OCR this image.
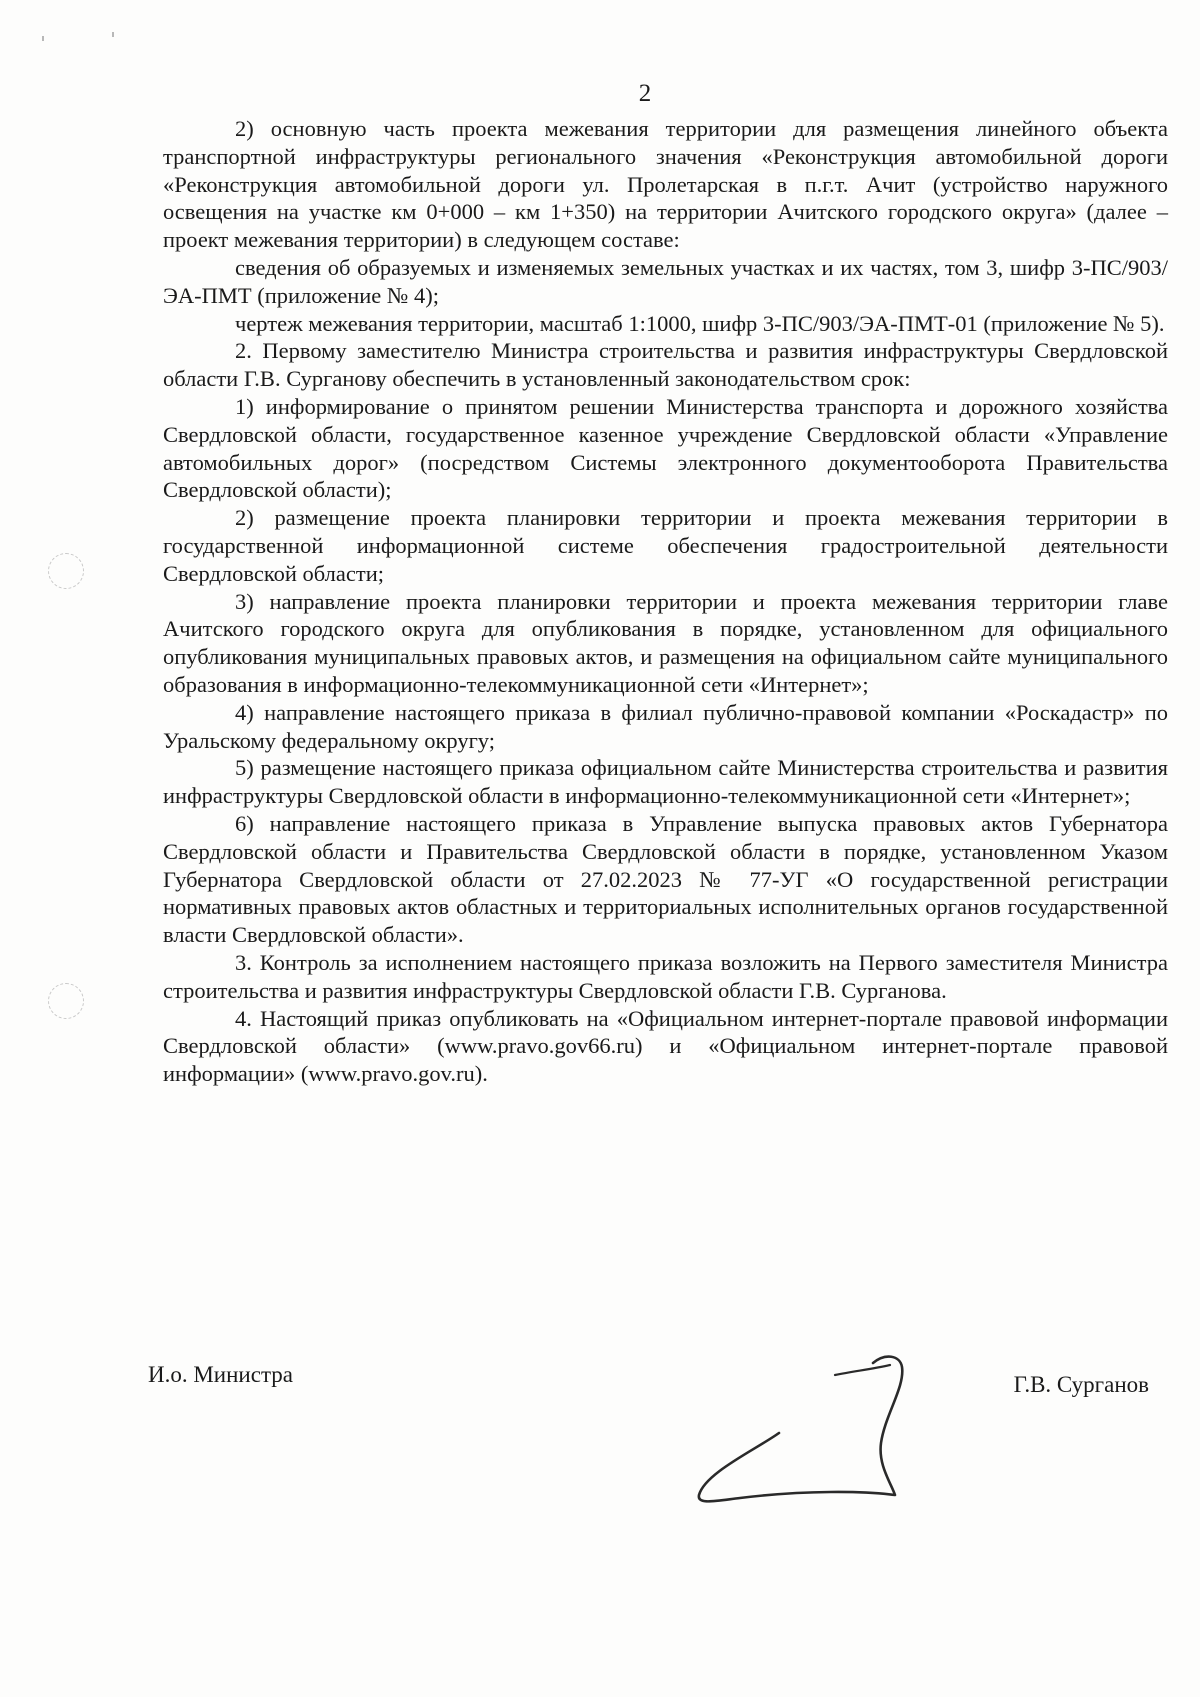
2

2) основную часть проекта межевания территории для размещения линейного объекта транспортной инфраструктуры регионального значения «Реконструкция автомобильной дороги «Реконструкция автомобильной дороги ул. Пролетарская в п.г.т. Ачит (устройство наружного освещения на участке км 0+000 – км 1+350) на территории Ачитского городского округа» (далее – проект межевания территории) в следующем составе:

сведения об образуемых и изменяемых земельных участках и их частях, том 3, шифр 3-ПС/903/ЭА-ПМТ (приложение № 4);

чертеж межевания территории, масштаб 1:1000, шифр 3-ПС/903/ЭА-ПМТ-01 (приложение № 5).

2. Первому заместителю Министра строительства и развития инфраструктуры Свердловской области Г.В. Сурганову обеспечить в установленный законодательством срок:

1) информирование о принятом решении Министерства транспорта и дорожного хозяйства Свердловской области, государственное казенное учреждение Свердловской области «Управление автомобильных дорог» (посредством Системы электронного документооборота Правительства Свердловской области);

2) размещение проекта планировки территории и проекта межевания территории в государственной информационной системе обеспечения градостроительной деятельности Свердловской области;

3) направление проекта планировки территории и проекта межевания территории главе Ачитского городского округа для опубликования в порядке, установленном для официального опубликования муниципальных правовых актов, и размещения на официальном сайте муниципального образования в информационно-телекоммуникационной сети «Интернет»;

4) направление настоящего приказа в филиал публично-правовой компании «Роскадастр» по Уральскому федеральному округу;

5) размещение настоящего приказа официальном сайте Министерства строительства и развития инфраструктуры Свердловской области в информационно-телекоммуникационной сети «Интернет»;

6) направление настоящего приказа в Управление выпуска правовых актов Губернатора Свердловской области и Правительства Свердловской области в порядке, установленном Указом Губернатора Свердловской области от 27.02.2023 № 77-УГ «О государственной регистрации нормативных правовых актов областных и территориальных исполнительных органов государственной власти Свердловской области».

3. Контроль за исполнением настоящего приказа возложить на Первого заместителя Министра строительства и развития инфраструктуры Свердловской области Г.В. Сурганова.

4. Настоящий приказ опубликовать на «Официальном интернет-портале правовой информации Свердловской области» (www.pravo.gov66.ru) и «Официальном интернет-портале правовой информации» (www.pravo.gov.ru).

И.о. Министра	Г.В. Сурганов
